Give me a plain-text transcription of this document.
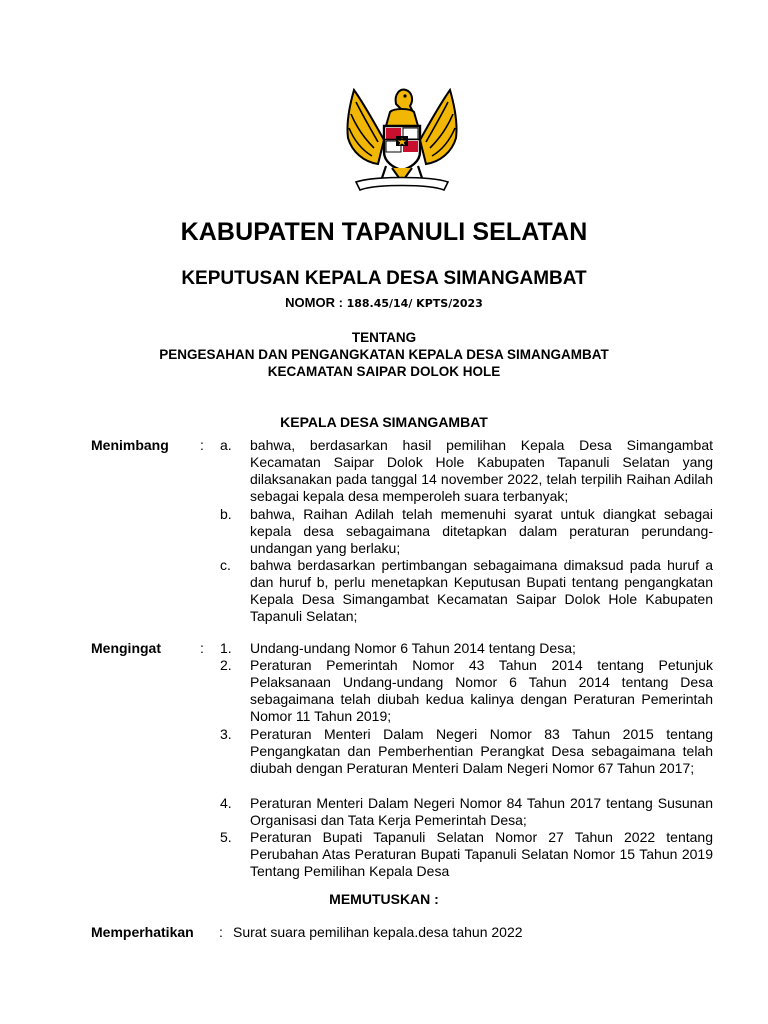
KABUPATEN TAPANULI SELATAN
KEPUTUSAN KEPALA DESA SIMANGAMBAT
NOMOR : 188.45/14/ KPTS/2023
TENTANG
PENGESAHAN DAN PENGANGKATAN KEPALA DESA SIMANGAMBAT
KECAMATAN SAIPAR DOLOK HOLE
KEPALA DESA SIMANGAMBAT
Menimbang : a.	bahwa, berdasarkan hasil pemilihan Kepala Desa Simangambat Kecamatan Saipar Dolok Hole Kabupaten Tapanuli Selatan yang dilaksanakan pada tanggal 14 november 2022, telah terpilih Raihan Adilah sebagai kepala desa memperoleh suara terbanyak;
b.	bahwa, Raihan Adilah telah memenuhi syarat untuk diangkat sebagai kepala desa sebagaimana ditetapkan dalam peraturan perundang-undangan yang berlaku;
c.	bahwa berdasarkan pertimbangan sebagaimana dimaksud pada huruf a dan huruf b, perlu menetapkan Keputusan Bupati tentang pengangkatan Kepala Desa Simangambat Kecamatan Saipar Dolok Hole Kabupaten Tapanuli Selatan;
Mengingat	: 1.	Undang-undang Nomor 6 Tahun 2014 tentang Desa;
2.	Peraturan Pemerintah Nomor 43 Tahun 2014 tentang Petunjuk Pelaksanaan Undang-undang Nomor 6 Tahun 2014 tentang Desa sebagaimana telah diubah kedua kalinya dengan Peraturan Pemerintah Nomor 11 Tahun 2019;
3.	Peraturan Menteri Dalam Negeri Nomor 83 Tahun 2015 tentang Pengangkatan dan Pemberhentian Perangkat Desa sebagaimana telah diubah dengan Peraturan Menteri Dalam Negeri Nomor 67 Tahun 2017;
4.	Peraturan Menteri Dalam Negeri Nomor 84 Tahun 2017 tentang Susunan Organisasi dan Tata Kerja Pemerintah Desa;
5.	Peraturan Bupati Tapanuli Selatan Nomor 27 Tahun 2022 tentang Perubahan Atas Peraturan Bupati Tapanuli Selatan Nomor 15 Tahun 2019 Tentang Pemilihan Kepala Desa
MEMUTUSKAN :
Memperhatikan : Surat suara pemilihan kepala.desa tahun 2022
